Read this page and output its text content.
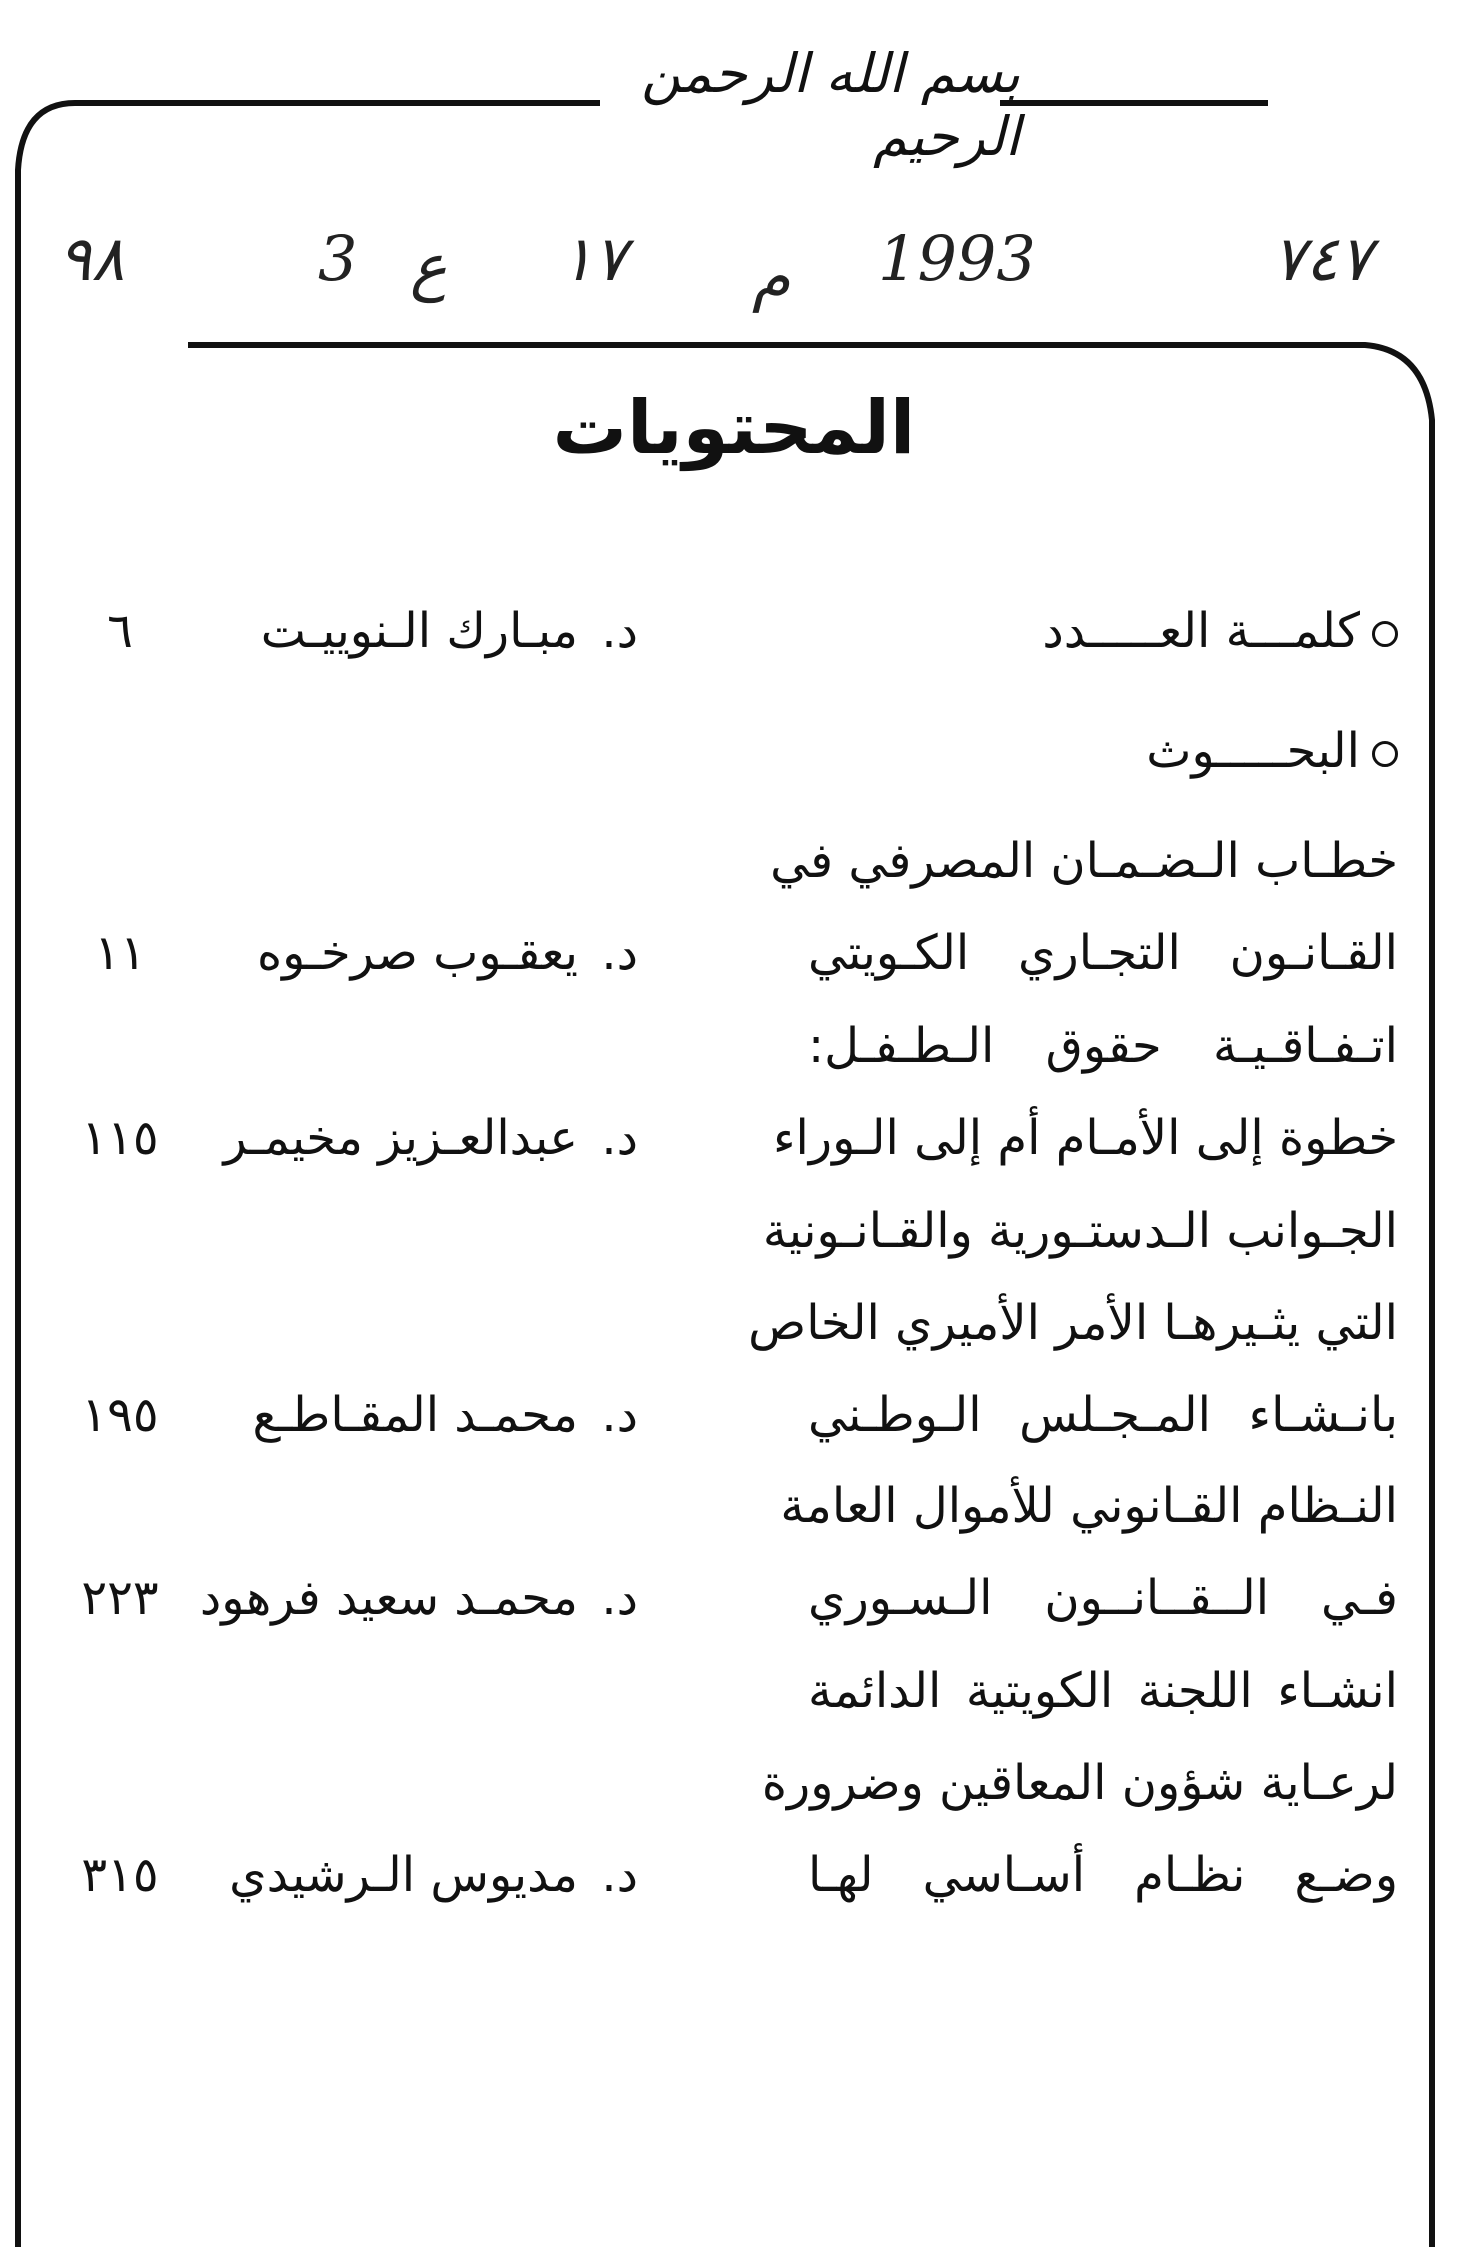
بسم الله الرحمن الرحيم
٧٤٧
1993
م
١٧
ع
3
٩٨
المحتويات
كلمـــة العـــــدد
د.
مبـارك الـنوييـت
٦
البحـــــوث
خطـاب الـضـمـان المصرفي في
القـانـون التجـاري الكـويتي
د.
يعقـوب صرخـوه
١١
اتـفـاقـيـة حقوق الـطـفـل:
خطوة إلى الأمـام أم إلى الـوراء
د.
عبدالعـزيز مخيمـر
١١٥
الجـوانب الـدستـورية والقـانـونية
التي يثـيرهـا الأمر الأميري الخاص
بانـشـاء المـجـلس الـوطـني
د.
محمـد المقـاطـع
١٩٥
النـظام القـانوني للأموال العامة
فـي الــقــانــون الـسـوري
د.
محمـد سعيد فرهود
٢٢٣
انشـاء اللجنة الكويتية الدائمة
لرعـاية شؤون المعاقين وضرورة
وضـع نظـام أسـاسي لهـا
د.
مديوس الـرشيدي
٣١٥
